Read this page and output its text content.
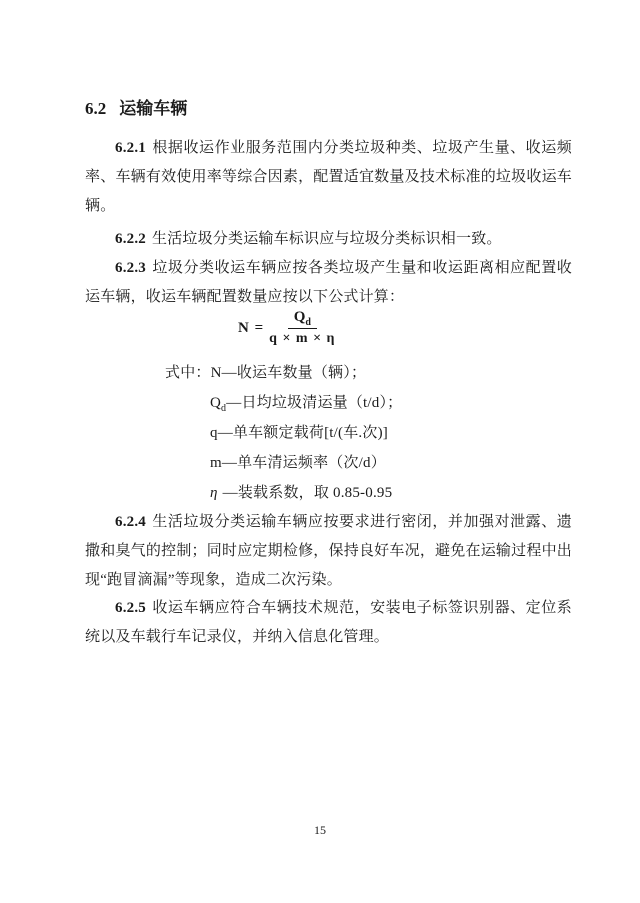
6.2 运输车辆

6.2.1 根据收运作业服务范围内分类垃圾种类、垃圾产生量、收运频率、车辆有效使用率等综合因素，配置适宜数量及技术标准的垃圾收运车辆。

6.2.2 生活垃圾分类运输车标识应与垃圾分类标识相一致。

6.2.3 垃圾分类收运车辆应按各类垃圾产生量和收运距离相应配置收运车辆，收运车辆配置数量应按以下公式计算：

$N = \frac{Q_d}{q \times m \times \eta}$
式中：N—收运车数量（辆）；
$Q_d—$日均垃圾清运量（t/d）；
q—单车额定载荷[t/(车.次)]
m—单车清运频率（次/d）
η —装载系数，取 0.85-0.95

6.2.4 生活垃圾分类运输车辆应按要求进行密闭，并加强对泄露、遗撒和臭气的控制；同时应定期检修，保持良好车况，避免在运输过程中出现“跑冒滴漏”等现象，造成二次污染。

6.2.5 收运车辆应符合车辆技术规范，安装电子标签识别器、定位系统以及车载行车记录仪，并纳入信息化管理。

15
